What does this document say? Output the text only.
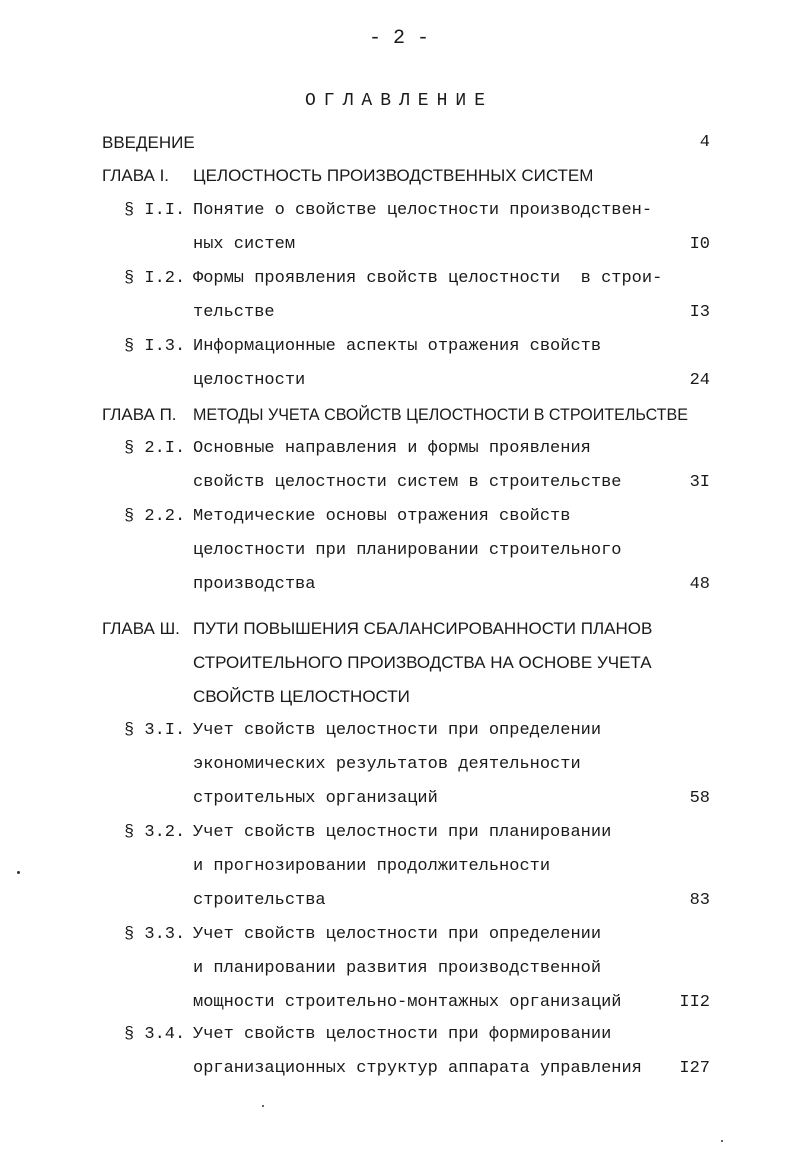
- 2 -
ОГЛАВЛЕНИЕ
ВВЕДЕНИЕ	4
ГЛАВА I. ЦЕЛОСТНОСТЬ ПРОИЗВОДСТВЕННЫХ СИСТЕМ
§ I.I. Понятие о свойстве целостности производствен-
ных систем	I0
§ I.2. Формы проявления свойств целостности  в строи-
тельстве	I3
§ I.3. Информационные аспекты отражения свойств
целостности	24
ГЛАВА П. МЕТОДЫ УЧЕТА СВОЙСТВ ЦЕЛОСТНОСТИ В СТРОИТЕЛЬСТВЕ
§ 2.I. Основные направления и формы проявления
свойств целостности систем в строительстве	3I
§ 2.2. Методические основы отражения свойств
целостности при планировании строительного
производства	48
ГЛАВА Ш. ПУТИ ПОВЫШЕНИЯ СБАЛАНСИРОВАННОСТИ ПЛАНОВ
СТРОИТЕЛЬНОГО ПРОИЗВОДСТВА НА ОСНОВЕ УЧЕТА
СВОЙСТВ ЦЕЛОСТНОСТИ
§ 3.I. Учет свойств целостности при определении
экономических результатов деятельности
строительных организаций	58
§ 3.2. Учет свойств целостности при планировании
и прогнозировании продолжительности
строительства	83
§ 3.3. Учет свойств целостности при определении
и планировании развития производственной
мощности строительно-монтажных организаций	II2
§ 3.4. Учет свойств целостности при формировании
организационных структур аппарата управления I27
